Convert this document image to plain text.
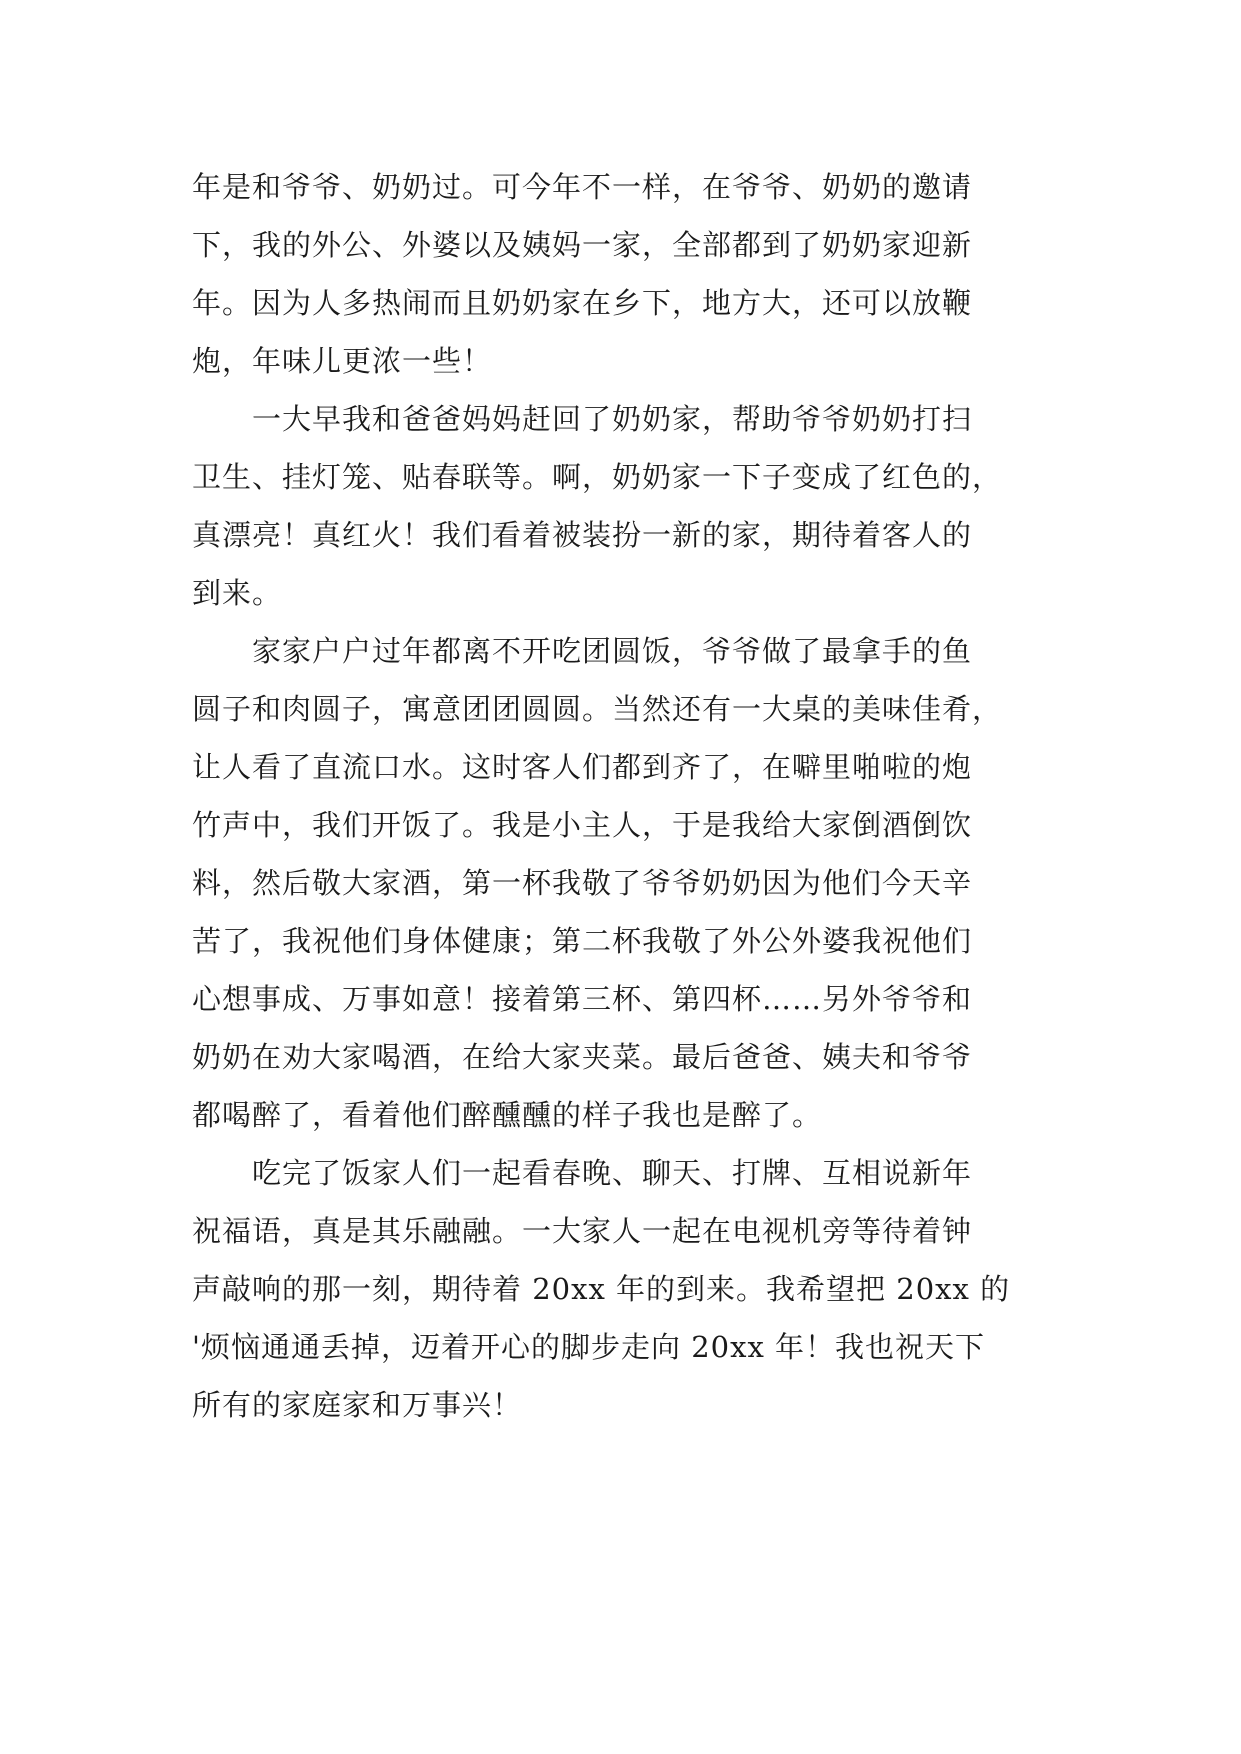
年是和爷爷、奶奶过。可今年不一样，在爷爷、奶奶的邀请
下，我的外公、外婆以及姨妈一家，全部都到了奶奶家迎新
年。因为人多热闹而且奶奶家在乡下，地方大，还可以放鞭
炮，年味儿更浓一些！
　　一大早我和爸爸妈妈赶回了奶奶家，帮助爷爷奶奶打扫
卫生、挂灯笼、贴春联等。啊，奶奶家一下子变成了红色的，
真漂亮！真红火！我们看着被装扮一新的家，期待着客人的
到来。
　　家家户户过年都离不开吃团圆饭，爷爷做了最拿手的鱼
圆子和肉圆子，寓意团团圆圆。当然还有一大桌的美味佳肴，
让人看了直流口水。这时客人们都到齐了，在噼里啪啦的炮
竹声中，我们开饭了。我是小主人，于是我给大家倒酒倒饮
料，然后敬大家酒，第一杯我敬了爷爷奶奶因为他们今天辛
苦了，我祝他们身体健康；第二杯我敬了外公外婆我祝他们
心想事成、万事如意！接着第三杯、第四杯……另外爷爷和
奶奶在劝大家喝酒，在给大家夹菜。最后爸爸、姨夫和爷爷
都喝醉了，看着他们醉醺醺的样子我也是醉了。
　　吃完了饭家人们一起看春晚、聊天、打牌、互相说新年
祝福语，真是其乐融融。一大家人一起在电视机旁等待着钟
声敲响的那一刻，期待着 20xx 年的到来。我希望把 20xx 的
'烦恼通通丢掉，迈着开心的脚步走向 20xx 年！我也祝天下
所有的家庭家和万事兴！
